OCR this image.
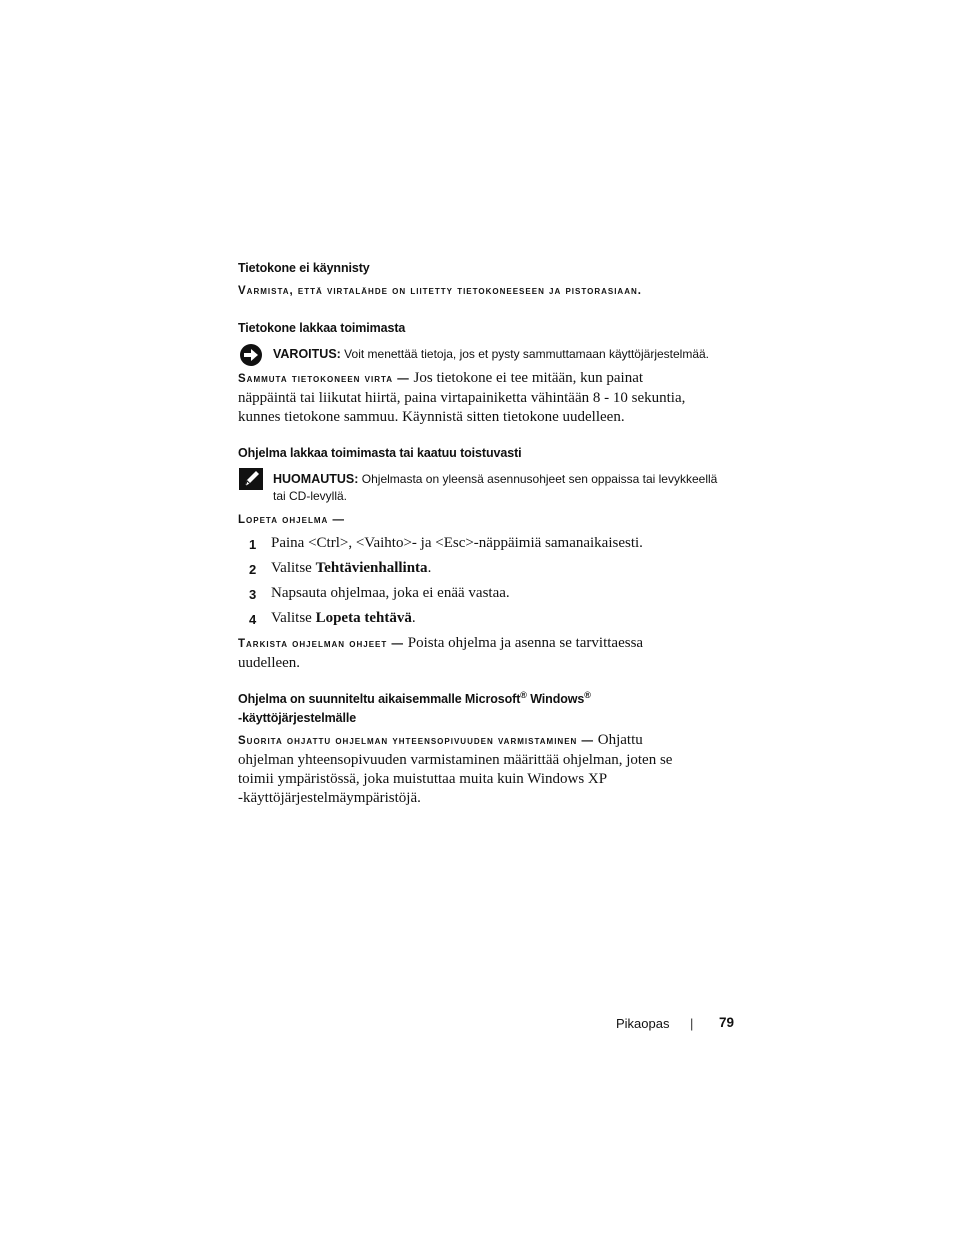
Tietokone ei käynnisty
Varmista, että virtalähde on liitetty tietokoneeseen ja pistorasiaan.
Tietokone lakkaa toimimasta
VAROITUS: Voit menettää tietoja, jos et pysty sammuttamaan käyttöjärjestelmää.
Sammuta tietokoneen virta — Jos tietokone ei tee mitään, kun painat
näppäintä tai liikutat hiirtä, paina virtapainiketta vähintään 8 - 10 sekuntia,
kunnes tietokone sammuu. Käynnistä sitten tietokone uudelleen.
Ohjelma lakkaa toimimasta tai kaatuu toistuvasti
HUOMAUTUS: Ohjelmasta on yleensä asennusohjeet sen oppaissa tai levykkeellä
tai CD-levyllä.
Lopeta ohjelma —
1 Paina <Ctrl>, <Vaihto>- ja <Esc>-näppäimiä samanaikaisesti.
2 Valitse Tehtävienhallinta.
3 Napsauta ohjelmaa, joka ei enää vastaa.
4 Valitse Lopeta tehtävä.
Tarkista ohjelman ohjeet — Poista ohjelma ja asenna se tarvittaessa
uudelleen.
Ohjelma on suunniteltu aikaisemmalle Microsoft® Windows®
-käyttöjärjestelmälle
Suorita ohjattu ohjelman yhteensopivuuden varmistaminen — Ohjattu
ohjelman yhteensopivuuden varmistaminen määrittää ohjelman, joten se
toimii ympäristössä, joka muistuttaa muita kuin Windows XP
-käyttöjärjestelmäympäristöjä.
Pikaopas | 79
